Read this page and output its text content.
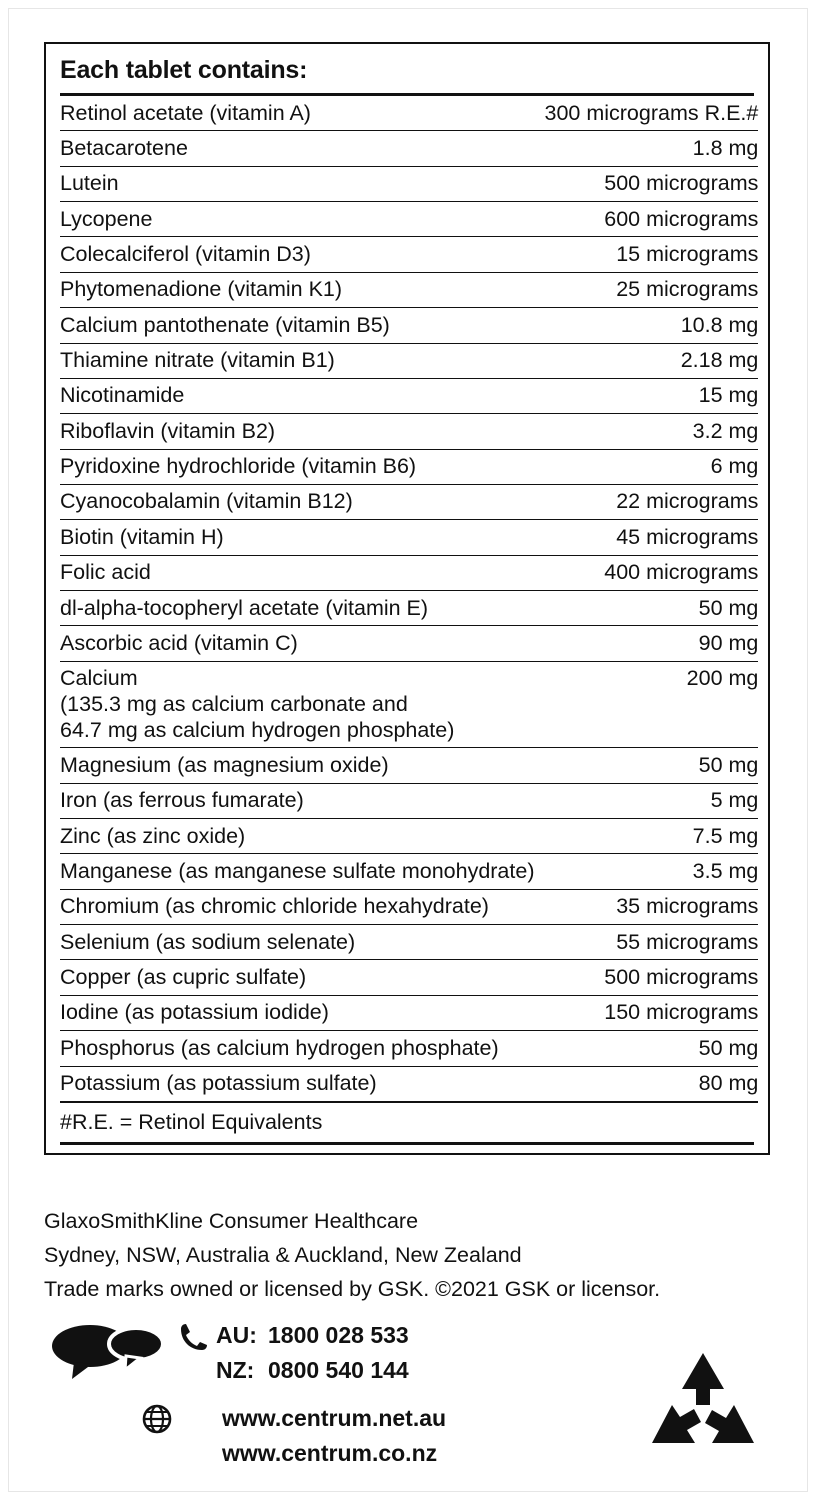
Each tablet contains:
Retinol acetate (vitamin A)	300 micrograms R.E.#
Betacarotene	1.8 mg
Lutein	500 micrograms
Lycopene	600 micrograms
Colecalciferol (vitamin D3)	15 micrograms
Phytomenadione (vitamin K1)	25 micrograms
Calcium pantothenate (vitamin B5)	10.8 mg
Thiamine nitrate (vitamin B1)	2.18 mg
Nicotinamide	15 mg
Riboflavin (vitamin B2)	3.2 mg
Pyridoxine hydrochloride (vitamin B6)	6 mg
Cyanocobalamin (vitamin B12)	22 micrograms
Biotin (vitamin H)	45 micrograms
Folic acid	400 micrograms
dl-alpha-tocopheryl acetate (vitamin E)	50 mg
Ascorbic acid (vitamin C)	90 mg
Calcium	200 mg
(135.3 mg as calcium carbonate and	
64.7 mg as calcium hydrogen phosphate)	
Magnesium (as magnesium oxide)	50 mg
Iron (as ferrous fumarate)	5 mg
Zinc (as zinc oxide)	7.5 mg
Manganese (as manganese sulfate monohydrate)	3.5 mg
Chromium (as chromic chloride hexahydrate)	35 micrograms
Selenium (as sodium selenate)	55 micrograms
Copper (as cupric sulfate)	500 micrograms
Iodine (as potassium iodide)	150 micrograms
Phosphorus (as calcium hydrogen phosphate)	50 mg
Potassium (as potassium sulfate)	80 mg
#R.E. = Retinol Equivalents	
GlaxoSmithKline Consumer Healthcare
Sydney, NSW, Australia & Auckland, New Zealand
Trade marks owned or licensed by GSK. ©2021 GSK or licensor.
AU: 1800 028 533
NZ: 0800 540 144
www.centrum.net.au
www.centrum.co.nz
